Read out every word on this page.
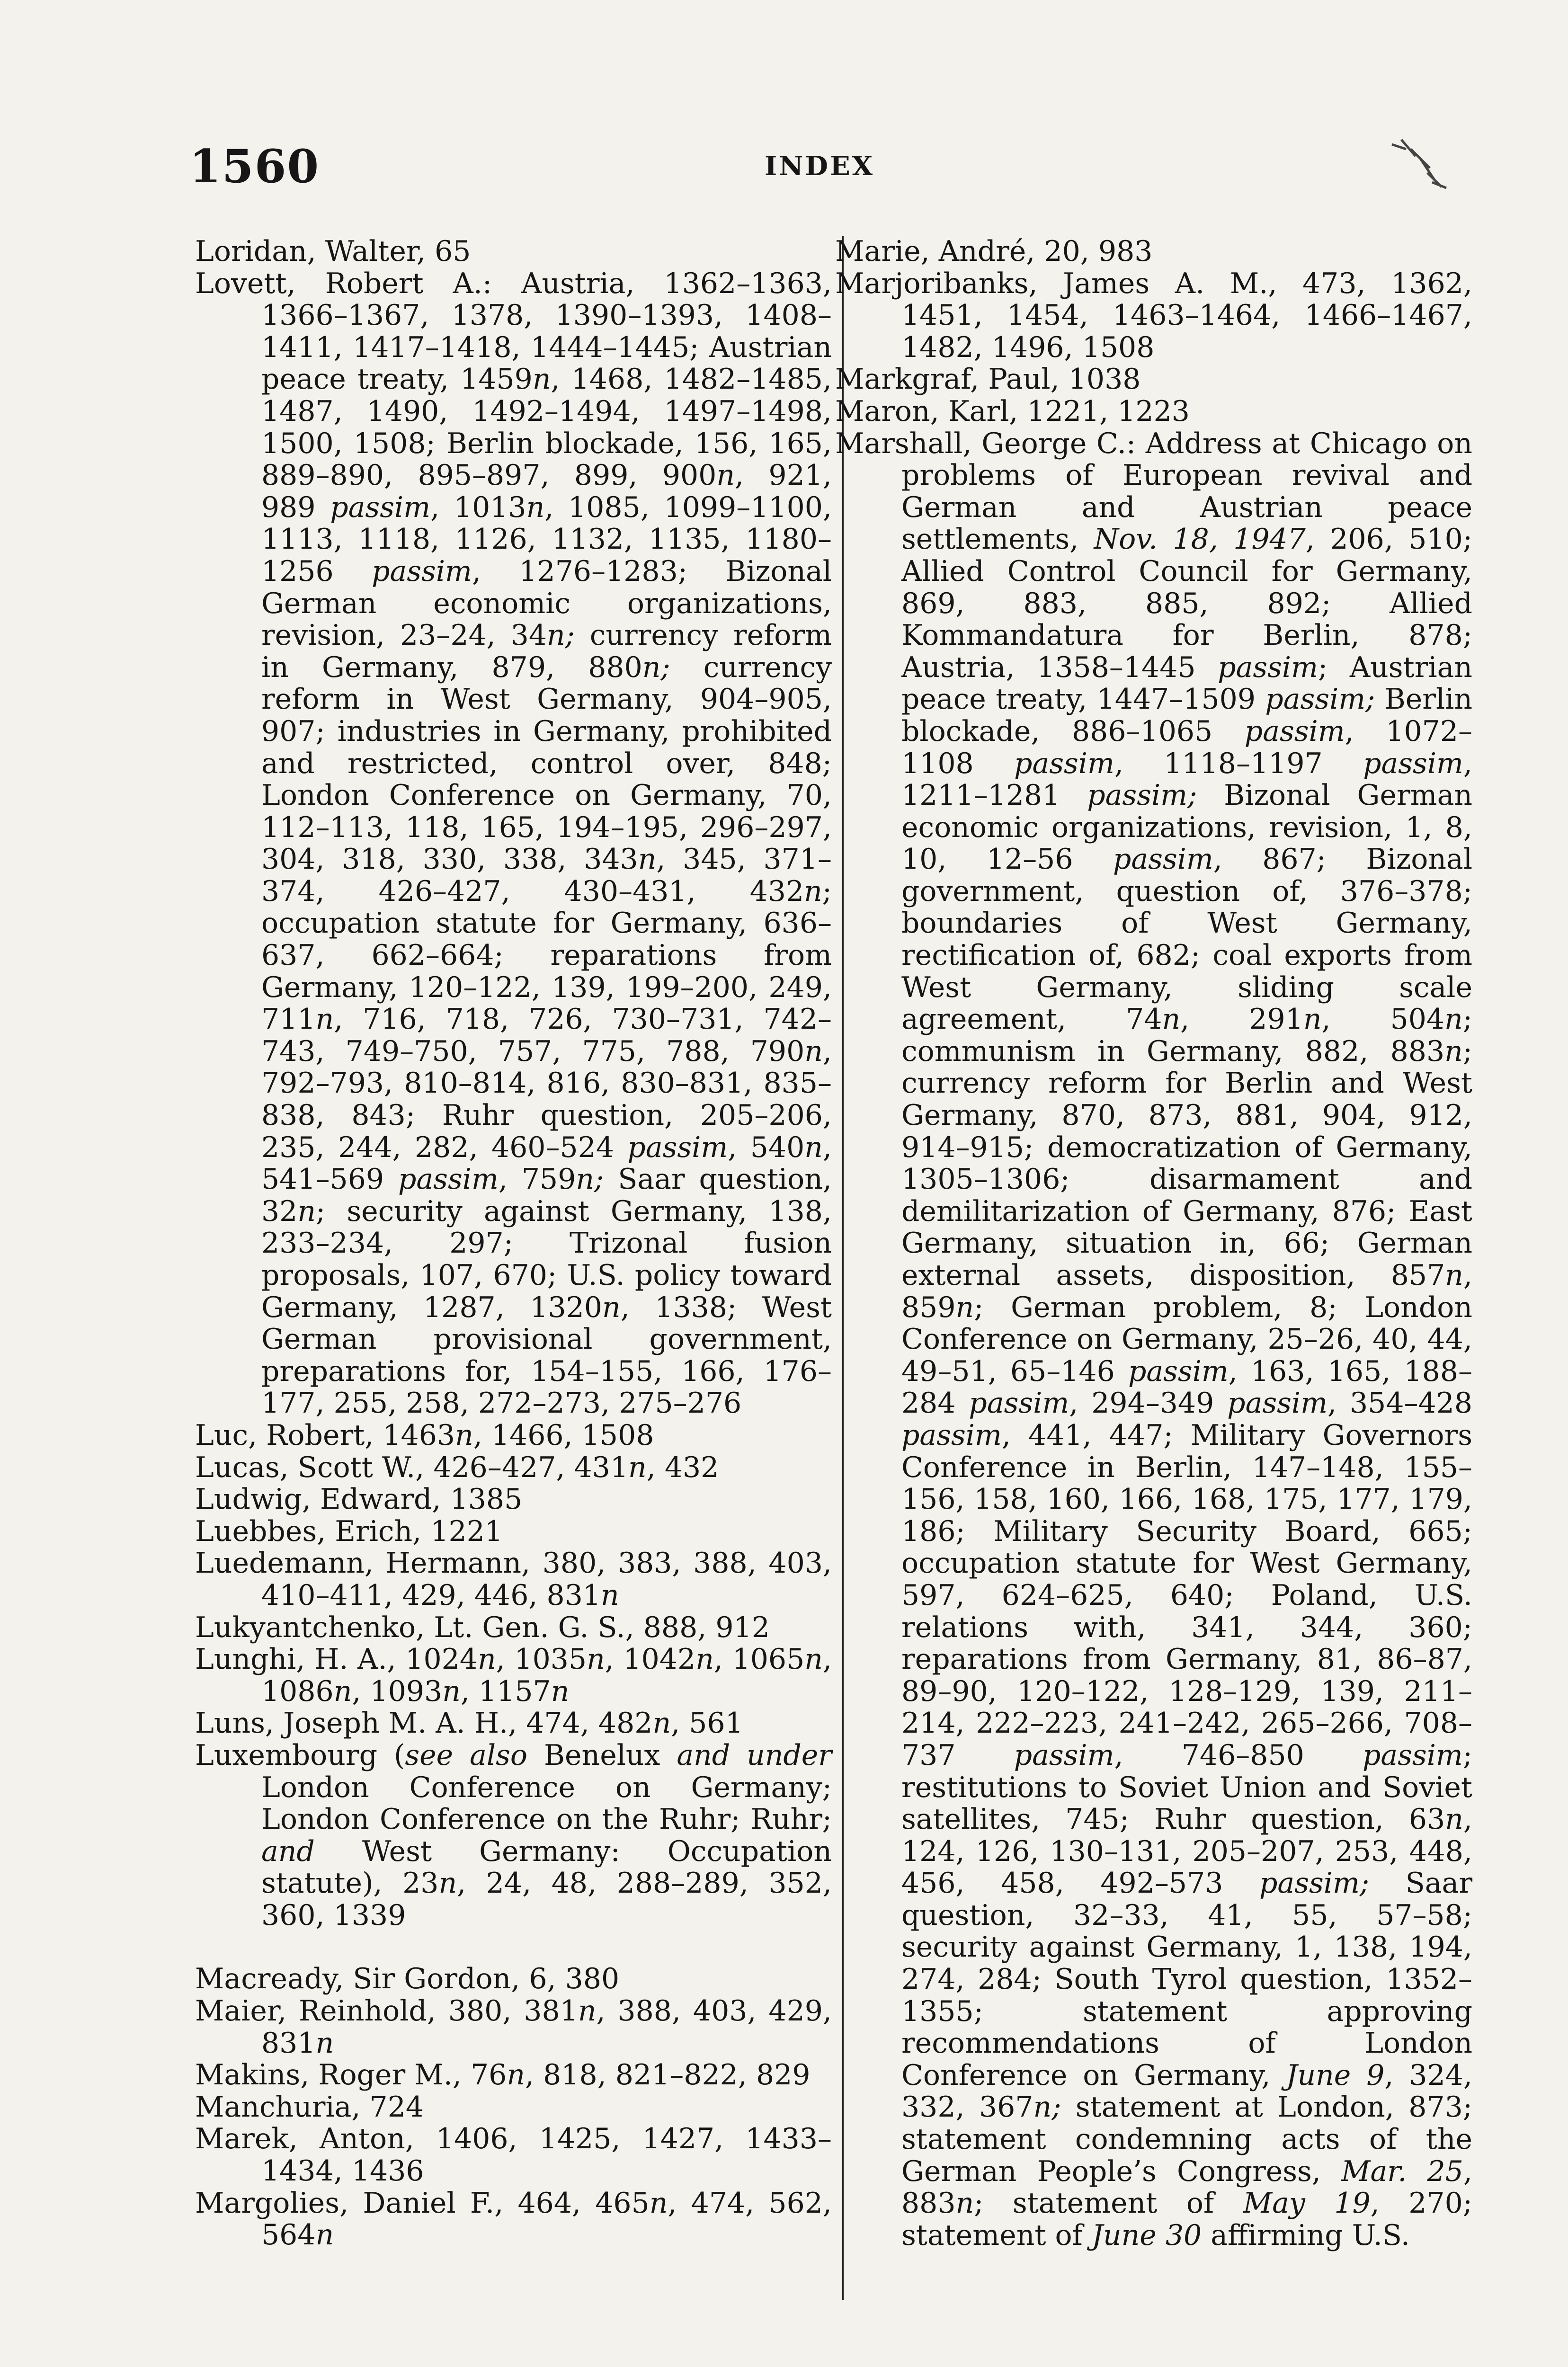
1560	INDEX

Loridan, Walter, 65

Lovett, Robert A.: Austria, 1362–1363, 1366–1367, 1378, 1390–1393, 1408–1411, 1417–1418, 1444–1445; Austrian peace treaty, 1459n, 1468, 1482–1485, 1487, 1490, 1492–1494, 1497–1498, 1500, 1508; Berlin blockade, 156, 165, 889–890, 895–897, 899, 900n, 921, 989 passim, 1013n, 1085, 1099–1100, 1113, 1118, 1126, 1132, 1135, 1180–1256 passim, 1276–1283; Bizonal German economic organizations, revision, 23–24, 34n; currency reform in Germany, 879, 880n; currency reform in West Germany, 904–905, 907; industries in Germany, prohibited and restricted, control over, 848; London Conference on Germany, 70, 112–113, 118, 165, 194–195, 296–297, 304, 318, 330, 338, 343n, 345, 371–374, 426–427, 430–431, 432n; occupation statute for Germany, 636–637, 662–664; reparations from Germany, 120–122, 139, 199–200, 249, 711n, 716, 718, 726, 730–731, 742–743, 749–750, 757, 775, 788, 790n, 792–793, 810–814, 816, 830–831, 835–838, 843; Ruhr question, 205–206, 235, 244, 282, 460–524 passim, 540n, 541–569 passim, 759n; Saar question, 32n; security against Germany, 138, 233–234, 297; Trizonal fusion proposals, 107, 670; U.S. policy toward Germany, 1287, 1320n, 1338; West German provisional government, preparations for, 154–155, 166, 176–177, 255, 258, 272–273, 275–276

Luc, Robert, 1463n, 1466, 1508

Lucas, Scott W., 426–427, 431n, 432

Ludwig, Edward, 1385

Luebbes, Erich, 1221

Luedemann, Hermann, 380, 383, 388, 403, 410–411, 429, 446, 831n

Lukyantchenko, Lt. Gen. G. S., 888, 912

Lunghi, H. A., 1024n, 1035n, 1042n, 1065n, 1086n, 1093n, 1157n

Luns, Joseph M. A. H., 474, 482n, 561

Luxembourg (see also Benelux and under London Conference on Germany; London Conference on the Ruhr; Ruhr; and West Germany: Occupation statute), 23n, 24, 48, 288–289, 352, 360, 1339

Macready, Sir Gordon, 6, 380

Maier, Reinhold, 380, 381n, 388, 403, 429, 831n

Makins, Roger M., 76n, 818, 821–822, 829

Manchuria, 724

Marek, Anton, 1406, 1425, 1427, 1433–1434, 1436

Margolies, Daniel F., 464, 465n, 474, 562, 564n

Marie, André, 20, 983

Marjoribanks, James A. M., 473, 1362, 1451, 1454, 1463–1464, 1466–1467, 1482, 1496, 1508

Markgraf, Paul, 1038

Maron, Karl, 1221, 1223

Marshall, George C.: Address at Chicago on problems of European revival and German and Austrian peace settlements, Nov. 18, 1947, 206, 510; Allied Control Council for Germany, 869, 883, 885, 892; Allied Kommandatura for Berlin, 878; Austria, 1358–1445 passim; Austrian peace treaty, 1447–1509 passim; Berlin blockade, 886–1065 passim, 1072–1108 passim, 1118–1197 passim, 1211–1281 passim; Bizonal German economic organizations, revision, 1, 8, 10, 12–56 passim, 867; Bizonal government, question of, 376–378; boundaries of West Germany, rectification of, 682; coal exports from West Germany, sliding scale agreement, 74n, 291n, 504n; communism in Germany, 882, 883n; currency reform for Berlin and West Germany, 870, 873, 881, 904, 912, 914–915; democratization of Germany, 1305–1306; disarmament and demilitarization of Germany, 876; East Germany, situation in, 66; German external assets, disposition, 857n, 859n; German problem, 8; London Conference on Germany, 25–26, 40, 44, 49–51, 65–146 passim, 163, 165, 188–284 passim, 294–349 passim, 354–428 passim, 441, 447; Military Governors Conference in Berlin, 147–148, 155–156, 158, 160, 166, 168, 175, 177, 179, 186; Military Security Board, 665; occupation statute for West Germany, 597, 624–625, 640; Poland, U.S. relations with, 341, 344, 360; reparations from Germany, 81, 86–87, 89–90, 120–122, 128–129, 139, 211–214, 222–223, 241–242, 265–266, 708–737 passim, 746–850 passim; restitutions to Soviet Union and Soviet satellites, 745; Ruhr question, 63n, 124, 126, 130–131, 205–207, 253, 448, 456, 458, 492–573 passim; Saar question, 32–33, 41, 55, 57–58; security against Germany, 1, 138, 194, 274, 284; South Tyrol question, 1352–1355; statement approving recommendations of London Conference on Germany, June 9, 324, 332, 367n; statement at London, 873; statement condemning acts of the German People’s Congress, Mar. 25, 883n; statement of May 19, 270; statement of June 30 affirming U.S.
